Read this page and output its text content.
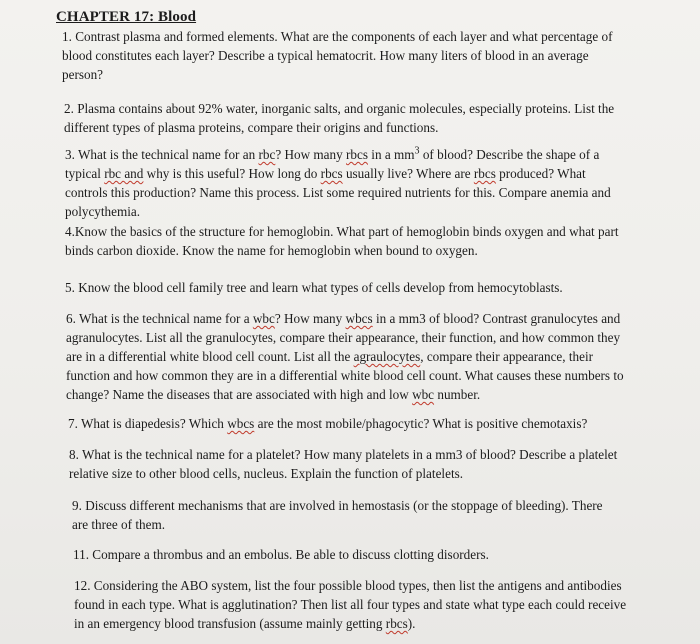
CHAPTER 17: Blood
1. Contrast plasma and formed elements. What are the components of each layer and what percentage of
blood constitutes each layer? Describe a typical hematocrit. How many liters of blood in an average
person?
2. Plasma contains about 92% water, inorganic salts, and organic molecules, especially proteins. List the
different types of plasma proteins, compare their origins and functions.
3. What is the technical name for an rbc? How many rbcs in a $mm^3$ of blood? Describe the shape of a
typical rbc and why is this useful? How long do rbcs usually live? Where are rbcs produced? What
controls this production? Name this process. List some required nutrients for this. Compare anemia and
polycythemia.
4.Know the basics of the structure for hemoglobin. What part of hemoglobin binds oxygen and what part
binds carbon dioxide. Know the name for hemoglobin when bound to oxygen.
5. Know the blood cell family tree and learn what types of cells develop from hemocytoblasts.
6. What is the technical name for a wbc? How many wbcs in a mm3 of blood? Contrast granulocytes and
agranulocytes. List all the granulocytes, compare their appearance, their function, and how common they
are in a differential white blood cell count. List all the agraulocytes, compare their appearance, their
function and how common they are in a differential white blood cell count. What causes these numbers to
change? Name the diseases that are associated with high and low wbc number.
7. What is diapedesis? Which wbcs are the most mobile/phagocytic? What is positive chemotaxis?
8. What is the technical name for a platelet? How many platelets in a mm3 of blood? Describe a platelet
relative size to other blood cells, nucleus. Explain the function of platelets.
9. Discuss different mechanisms that are involved in hemostasis (or the stoppage of bleeding). There
are three of them.
11. Compare a thrombus and an embolus. Be able to discuss clotting disorders.
12. Considering the ABO system, list the four possible blood types, then list the antigens and antibodies
found in each type. What is agglutination? Then list all four types and state what type each could receive
in an emergency blood transfusion (assume mainly getting rbcs).
